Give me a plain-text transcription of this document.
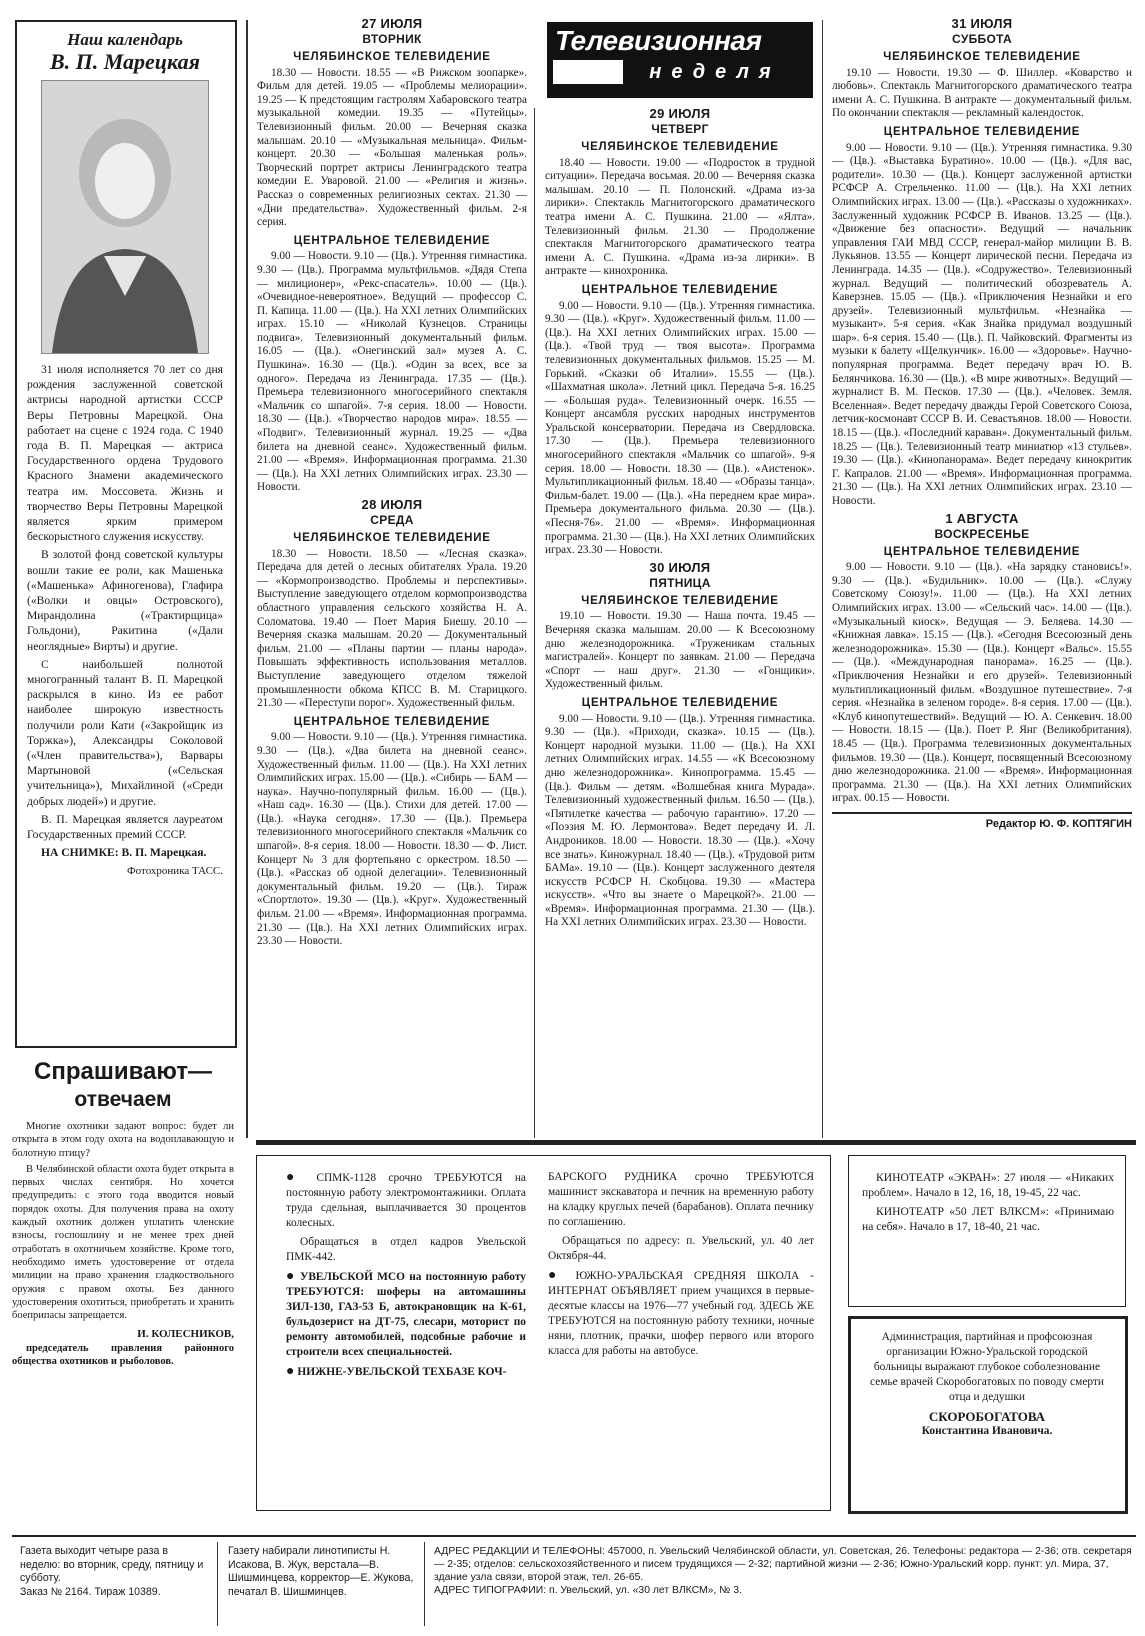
Наш календарь
В. П. Марецкая

31 июля исполняется 70 лет со дня рождения заслуженной советской актрисы народной артистки СССР Веры Петровны Марецкой. Она работает на сцене с 1924 года. С 1940 года В. П. Марецкая — актриса Государственного ордена Трудового Красного Знамени академического театра им. Моссовета. Жизнь и творчество Веры Петровны Марецкой является ярким примером бескорыстного служения искусству.

В золотой фонд советской культуры вошли такие ее роли, как Машенька («Машенька» Афиногенова), Глафира («Волки и овцы» Островского), Мирандолина («Трактирщица» Гольдони), Ракитина («Дали неоглядные» Вирты) и другие.

С наибольшей полнотой многогранный талант В. П. Марецкой раскрылся в кино. Из ее работ наиболее широкую известность получили роли Кати («Закройщик из Торжка»), Александры Соколовой («Член правительства»), Варвары Мартыновой («Сельская учительница»), Михайлиной («Среди добрых людей») и другие.

В. П. Марецкая является лауреатом Государственных премий СССР.

НА СНИМКЕ: В. П. Марецкая.

Фотохроника ТАСС.
Спрашивают—
отвечаем

Многие охотники задают вопрос: будет ли открыта в этом году охота на водоплавающую и болотную птицу?

В Челябинской области охота будет открыта в первых числах сентября. Но хочется предупредить: с этого года вводится новый порядок охоты. Для получения права на охоту каждый охотник должен уплатить членские взносы, госпошлину и не менее трех дней отработать в охотничьем хозяйстве. Кроме того, необходимо иметь удостоверение от отдела милиции на право хранения гладкоствольного оружия с правом охоты. Без данного удостоверения охотиться, приобретать и хранить боеприпасы запрещается.

И. КОЛЕСНИКОВ,

председатель правления районного общества охотников и рыболовов.

27 ИЮЛЯ
ВТОРНИК
ЧЕЛЯБИНСКОЕ ТЕЛЕВИДЕНИЕ

18.30 — Новости. 18.55 — «В Рижском зоопарке». Фильм для детей. 19.05 — «Проблемы мелиорации». 19.25 — К предстоящим гастролям Хабаровского театра музыкальной комедии. 19.35 — «Путейцы». Телевизионный фильм. 20.00 — Вечерняя сказка малышам. 20.10 — «Музыкальная мельница». Фильм-концерт. 20.30 — «Большая маленькая роль». Творческий портрет актрисы Ленинградского театра комедии Е. Уваровой. 21.00 — «Религия и жизнь». Рассказ о современных религиозных сектах. 21.30 — «Дни предательства». Художественный фильм. 2-я серия.

ЦЕНТРАЛЬНОЕ ТЕЛЕВИДЕНИЕ

9.00 — Новости. 9.10 — (Цв.). Утренняя гимнастика. 9.30 — (Цв.). Программа мультфильмов. «Дядя Степа — милиционер», «Рекс-спасатель». 10.00 — (Цв.). «Очевидное-невероятное». Ведущий — профессор С. П. Капица. 11.00 — (Цв.). На XXI летних Олимпийских играх. 15.10 — «Николай Кузнецов. Страницы подвига». Телевизионный документальный фильм. 16.05 — (Цв.). «Онегинский зал» музея А. С. Пушкина». 16.30 — (Цв.). «Один за всех, все за одного». Передача из Ленинграда. 17.35 — (Цв.). Премьера телевизионного многосерийного спектакля «Мальчик со шпагой». 7-я серия. 18.00 — Новости. 18.30 — (Цв.). «Творчество народов мира». 18.55 — «Подвиг». Телевизионный журнал. 19.25 — «Два билета на дневной сеанс». Художественный фильм. 21.00 — «Время». Информационная программа. 21.30 — (Цв.). На XXI летних Олимпийских играх. 23.30 — Новости.

28 ИЮЛЯ
СРЕДА
ЧЕЛЯБИНСКОЕ ТЕЛЕВИДЕНИЕ

18.30 — Новости. 18.50 — «Лесная сказка». Передача для детей о лесных обитателях Урала. 19.20 — «Кормопроизводство. Проблемы и перспективы». Выступление заведующего отделом кормопроизводства областного управления сельского хозяйства Н. А. Соломатова. 19.40 — Поет Мария Биешу. 20.10 — Вечерняя сказка малышам. 20.20 — Документальный фильм. 21.00 — «Планы партии — планы народа». Повышать эффективность использования металлов. Выступление заведующего отделом тяжелой промышленности обкома КПСС В. М. Старицкого. 21.30 — «Переступи порог». Художественный фильм.

ЦЕНТРАЛЬНОЕ ТЕЛЕВИДЕНИЕ

9.00 — Новости. 9.10 — (Цв.). Утренняя гимнастика. 9.30 — (Цв.). «Два билета на дневной сеанс». Художественный фильм. 11.00 — (Цв.). На XXI летних Олимпийских играх. 15.00 — (Цв.). «Сибирь — БАМ — наука». Научно-популярный фильм. 16.00 — (Цв.). «Наш сад». 16.30 — (Цв.). Стихи для детей. 17.00 — (Цв.). «Наука сегодня». 17.30 — (Цв.). Премьера телевизионного многосерийного спектакля «Мальчик со шпагой». 8-я серия. 18.00 — Новости. 18.30 — Ф. Лист. Концерт № 3 для фортепьяно с оркестром. 18.50 — (Цв.). «Рассказ об одной делегации». Телевизионный документальный фильм. 19.20 — (Цв.). Тираж «Спортлото». 19.30 — (Цв.). «Круг». Художественный фильм. 21.00 — «Время». Информационная программа. 21.30 — (Цв.). На XXI летних Олимпийских играх. 23.30 — Новости.

Телевизионная
неделя
29 ИЮЛЯ
ЧЕТВЕРГ
ЧЕЛЯБИНСКОЕ ТЕЛЕВИДЕНИЕ

18.40 — Новости. 19.00 — «Подросток в трудной ситуации». Передача восьмая. 20.00 — Вечерняя сказка малышам. 20.10 — П. Полонский. «Драма из-за лирики». Спектакль Магнитогорского драматического театра имени А. С. Пушкина. 21.00 — «Ялта». Телевизионный фильм. 21.30 — Продолжение спектакля Магнитогорского драматического театра имени А. С. Пушкина. «Драма из-за лирики». В антракте — кинохроника.

ЦЕНТРАЛЬНОЕ ТЕЛЕВИДЕНИЕ

9.00 — Новости. 9.10 — (Цв.). Утренняя гимнастика. 9.30 — (Цв.). «Круг». Художественный фильм. 11.00 — (Цв.). На XXI летних Олимпийских играх. 15.00 — (Цв.). «Твой труд — твоя высота». Программа телевизионных документальных фильмов. 15.25 — М. Горький. «Сказки об Италии». 15.55 — (Цв.). «Шахматная школа». Летний цикл. Передача 5-я. 16.25 — «Большая руда». Телевизионный очерк. 16.55 — Концерт ансамбля русских народных инструментов Уральской консерватории. Передача из Свердловска. 17.30 — (Цв.). Премьера телевизионного многосерийного спектакля «Мальчик со шпагой». 9-я серия. 18.00 — Новости. 18.30 — (Цв.). «Аистенок». Мультипликационный фильм. 18.40 — «Образы танца». Фильм-балет. 19.00 — (Цв.). «На переднем крае мира». Премьера документального фильма. 20.30 — (Цв.). «Песня-76». 21.00 — «Время». Информационная программа. 21.30 — (Цв.). На XXI летних Олимпийских играх. 23.30 — Новости.

30 ИЮЛЯ
ПЯТНИЦА
ЧЕЛЯБИНСКОЕ ТЕЛЕВИДЕНИЕ

19.10 — Новости. 19.30 — Наша почта. 19.45 — Вечерняя сказка малышам. 20.00 — К Всесоюзному дню железнодорожника. «Труженикам стальных магистралей». Концерт по заявкам. 21.00 — Передача «Спорт — наш друг». 21.30 — «Гонщики». Художественный фильм.

ЦЕНТРАЛЬНОЕ ТЕЛЕВИДЕНИЕ

9.00 — Новости. 9.10 — (Цв.). Утренняя гимнастика. 9.30 — (Цв.). «Приходи, сказка». 10.15 — (Цв.). Концерт народной музыки. 11.00 — (Цв.). На XXI летних Олимпийских играх. 14.55 — «К Всесоюзному дню железнодорожника». Кинопрограмма. 15.45 — (Цв.). Фильм — детям. «Волшебная книга Мурада». Телевизионный художественный фильм. 16.50 — (Цв.). «Пятилетке качества — рабочую гарантию». 17.20 — «Поэзия М. Ю. Лермонтова». Ведет передачу И. Л. Андроников. 18.00 — Новости. 18.30 — (Цв.). «Хочу все знать». Киножурнал. 18.40 — (Цв.). «Трудовой ритм БАМа». 19.10 — (Цв.). Концерт заслуженного деятеля искусств РСФСР Н. Скобцова. 19.30 — «Мастера искусств». «Что вы знаете о Марецкой?». 21.00 — «Время». Информационная программа. 21.30 — (Цв.). На XXI летних Олимпийских играх. 23.30 — Новости.

31 ИЮЛЯ
СУББОТА
ЧЕЛЯБИНСКОЕ ТЕЛЕВИДЕНИЕ

19.10 — Новости. 19.30 — Ф. Шиллер. «Коварство и любовь». Спектакль Магнитогорского драматического театра имени А. С. Пушкина. В антракте — документальный фильм. По окончании спектакля — рекламный календосток.

ЦЕНТРАЛЬНОЕ ТЕЛЕВИДЕНИЕ

9.00 — Новости. 9.10 — (Цв.). Утренняя гимнастика. 9.30 — (Цв.). «Выставка Буратино». 10.00 — (Цв.). «Для вас, родители». 10.30 — (Цв.). Концерт заслуженной артистки РСФСР А. Стрельченко. 11.00 — (Цв.). На XXI летних Олимпийских играх. 13.00 — (Цв.). «Рассказы о художниках». Заслуженный художник РСФСР В. Иванов. 13.25 — (Цв.). «Движение без опасности». Ведущий — начальник управления ГАИ МВД СССР, генерал-майор милиции В. В. Лукьянов. 13.55 — Концерт лирической песни. Передача из Ленинграда. 14.35 — (Цв.). «Содружество». Телевизионный журнал. Ведущий — политический обозреватель А. Каверзнев. 15.05 — (Цв.). «Приключения Незнайки и его друзей». Телевизионный мультфильм. «Незнайка — музыкант». 5-я серия. «Как Знайка придумал воздушный шар». 6-я серия. 15.40 — (Цв.). П. Чайковский. Фрагменты из музыки к балету «Щелкунчик». 16.00 — «Здоровье». Научно-популярная программа. Ведет передачу врач Ю. В. Белянчикова. 16.30 — (Цв.). «В мире животных». Ведущий — журналист В. М. Песков. 17.30 — (Цв.). «Человек. Земля. Вселенная». Ведет передачу дважды Герой Советского Союза, летчик-космонавт СССР В. И. Севастьянов. 18.00 — Новости. 18.15 — (Цв.). «Последний караван». Документальный фильм. 18.25 — (Цв.). Телевизионный театр миниатюр «13 стульев». 19.30 — (Цв.). «Кинопанорама». Ведет передачу кинокритик Г. Капралов. 21.00 — «Время». Информационная программа. 21.30 — (Цв.). На XXI летних Олимпийских играх. 23.10 — Новости.

1 АВГУСТА
ВОСКРЕСЕНЬЕ
ЦЕНТРАЛЬНОЕ ТЕЛЕВИДЕНИЕ

9.00 — Новости. 9.10 — (Цв.). «На зарядку становись!». 9.30 — (Цв.). «Будильник». 10.00 — (Цв.). «Служу Советскому Союзу!». 11.00 — (Цв.). На XXI летних Олимпийских играх. 13.00 — «Сельский час». 14.00 — (Цв.). «Музыкальный киоск». Ведущая — Э. Беляева. 14.30 — «Книжная лавка». 15.15 — (Цв.). «Сегодня Всесоюзный день железнодорожника». 15.30 — (Цв.). Концерт «Вальс». 15.55 — (Цв.). «Международная панорама». 16.25 — (Цв.). «Приключения Незнайки и его друзей». Телевизионный мультипликационный фильм. «Воздушное путешествие». 7-я серия. «Незнайка в зеленом городе». 8-я серия. 17.00 — (Цв.). «Клуб кинопутешествий». Ведущий — Ю. А. Сенкевич. 18.00 — Новости. 18.15 — (Цв.). Поет Р. Янг (Великобритания). 18.45 — (Цв.). Программа телевизионных документальных фильмов. 19.30 — (Цв.). Концерт, посвященный Всесоюзному дню железнодорожника. 21.00 — «Время». Информационная программа. 21.30 — (Цв.). На XXI летних Олимпийских играх. 00.15 — Новости.

Редактор Ю. Ф. КОПТЯГИН

● СПМК-1128 срочно ТРЕБУЮТСЯ на постоянную работу электромонтажники. Оплата труда сдельная, выплачивается 30 процентов колесных.

Обращаться в отдел кадров Увельской ПМК-442.

● УВЕЛЬСКОЙ МСО на постоянную работу ТРЕБУЮТСЯ: шоферы на автомашины ЗИЛ-130, ГАЗ-53 Б, автокрановщик на К-61, бульдозерист на ДТ-75, слесари, моторист по ремонту автомобилей, подсобные рабочие и строители всех специальностей.

● НИЖНЕ-УВЕЛЬСКОЙ ТЕХБАЗЕ КОЧ-

БАРСКОГО РУДНИКА срочно ТРЕБУЮТСЯ машинист экскаватора и печник на временную работу на кладку круглых печей (барабанов). Оплата печнику по соглашению.

Обращаться по адресу: п. Увельский, ул. 40 лет Октября-44.

● ЮЖНО-УРАЛЬСКАЯ СРЕДНЯЯ ШКОЛА - ИНТЕРНАТ ОБЪЯВЛЯЕТ прием учащихся в первые-десятые классы на 1976—77 учебный год. ЗДЕСЬ ЖЕ ТРЕБУЮТСЯ на постоянную работу техники, ночные няни, плотник, прачки, шофер первого или второго класса для работы на автобусе.

КИНОТЕАТР «ЭКРАН»: 27 июля — «Никаких проблем». Начало в 12, 16, 18, 19-45, 22 час.

КИНОТЕАТР «50 ЛЕТ ВЛКСМ»: «Принимаю на себя». Начало в 17, 18-40, 21 час.

Администрация, партийная и профсоюзная организации Южно-Уральской городской больницы выражают глубокое соболезнование семье врачей Скоробогатовых по поводу смерти отца и дедушки

СКОРОБОГАТОВА
Константина Ивановича.
Газета выходит четыре раза в неделю: во вторник, среду, пятницу и субботу.
Заказ № 2164. Тираж 10389.
Газету набирали линотиписты Н. Исакова, В. Жук, верстала—В. Шишминцева, корректор—Е. Жукова, печатал В. Шишминцев.
АДРЕС РЕДАКЦИИ И ТЕЛЕФОНЫ: 457000, п. Увельский Челябинской области, ул. Советская, 26. Телефоны: редактора — 2-36; отв. секретаря — 2-35; отделов: сельскохозяйственного и писем трудящихся — 2-32; партийной жизни — 2-36; Южно-Уральский корр. пункт: ул. Мира, 37, здание узла связи, второй этаж, тел. 26-65.
АДРЕС ТИПОГРАФИИ: п. Увельский, ул. «30 лет ВЛКСМ», № 3.
